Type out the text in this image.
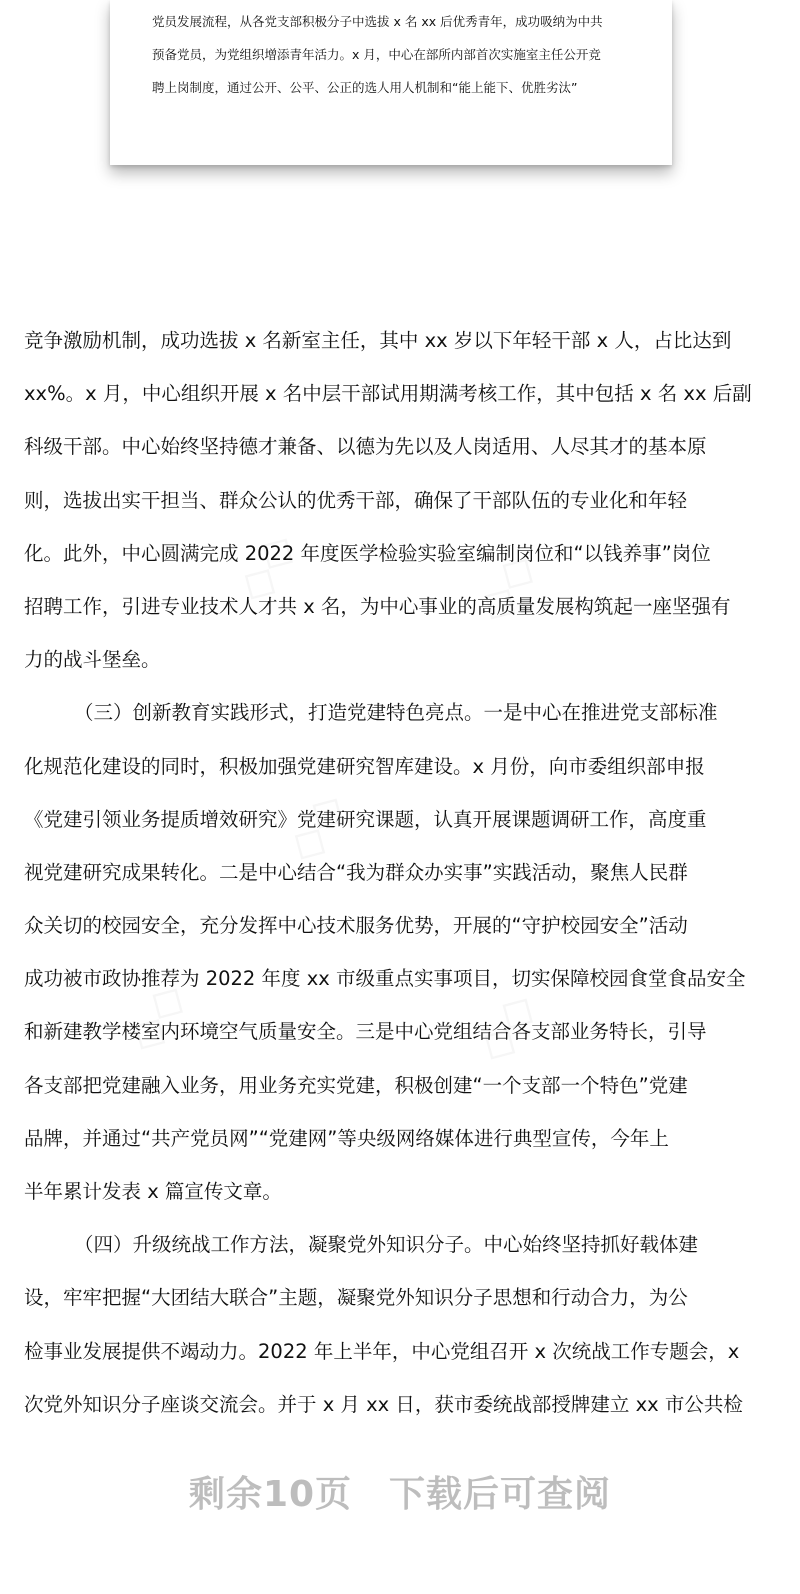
党员发展流程，从各党支部积极分子中选拔 x 名 xx 后优秀青年，成功吸纳为中共
预备党员，为党组织增添青年活力。x 月，中心在部所内部首次实施室主任公开竞
聘上岗制度，通过公开、公平、公正的选人用人机制和“能上能下、优胜劣汰”
竞争激励机制，成功选拔 x 名新室主任，其中 xx 岁以下年轻干部 x 人，占比达到
xx%。x 月，中心组织开展 x 名中层干部试用期满考核工作，其中包括 x 名 xx 后副
科级干部。中心始终坚持德才兼备、以德为先以及人岗适用、人尽其才的基本原
则，选拔出实干担当、群众公认的优秀干部，确保了干部队伍的专业化和年轻
化。此外，中心圆满完成 2022 年度医学检验实验室编制岗位和“以钱养事”岗位
招聘工作，引进专业技术人才共 x 名，为中心事业的高质量发展构筑起一座坚强有
力的战斗堡垒。
（三）创新教育实践形式，打造党建特色亮点。一是中心在推进党支部标准
化规范化建设的同时，积极加强党建研究智库建设。x 月份，向市委组织部申报
《党建引领业务提质增效研究》党建研究课题，认真开展课题调研工作，高度重
视党建研究成果转化。二是中心结合“我为群众办实事”实践活动，聚焦人民群
众关切的校园安全，充分发挥中心技术服务优势，开展的“守护校园安全”活动
成功被市政协推荐为 2022 年度 xx 市级重点实事项目，切实保障校园食堂食品安全
和新建教学楼室内环境空气质量安全。三是中心党组结合各支部业务特长，引导
各支部把党建融入业务，用业务充实党建，积极创建“一个支部一个特色”党建
品牌，并通过“共产党员网”“党建网”等央级网络媒体进行典型宣传，今年上
半年累计发表 x 篇宣传文章。
（四）升级统战工作方法，凝聚党外知识分子。中心始终坚持抓好载体建
设，牢牢把握“大团结大联合”主题，凝聚党外知识分子思想和行动合力，为公
检事业发展提供不竭动力。2022 年上半年，中心党组召开 x 次统战工作专题会，x
次党外知识分子座谈交流会。并于 x 月 xx 日，获市委统战部授牌建立 xx 市公共检
剩余10页　下载后可查阅
